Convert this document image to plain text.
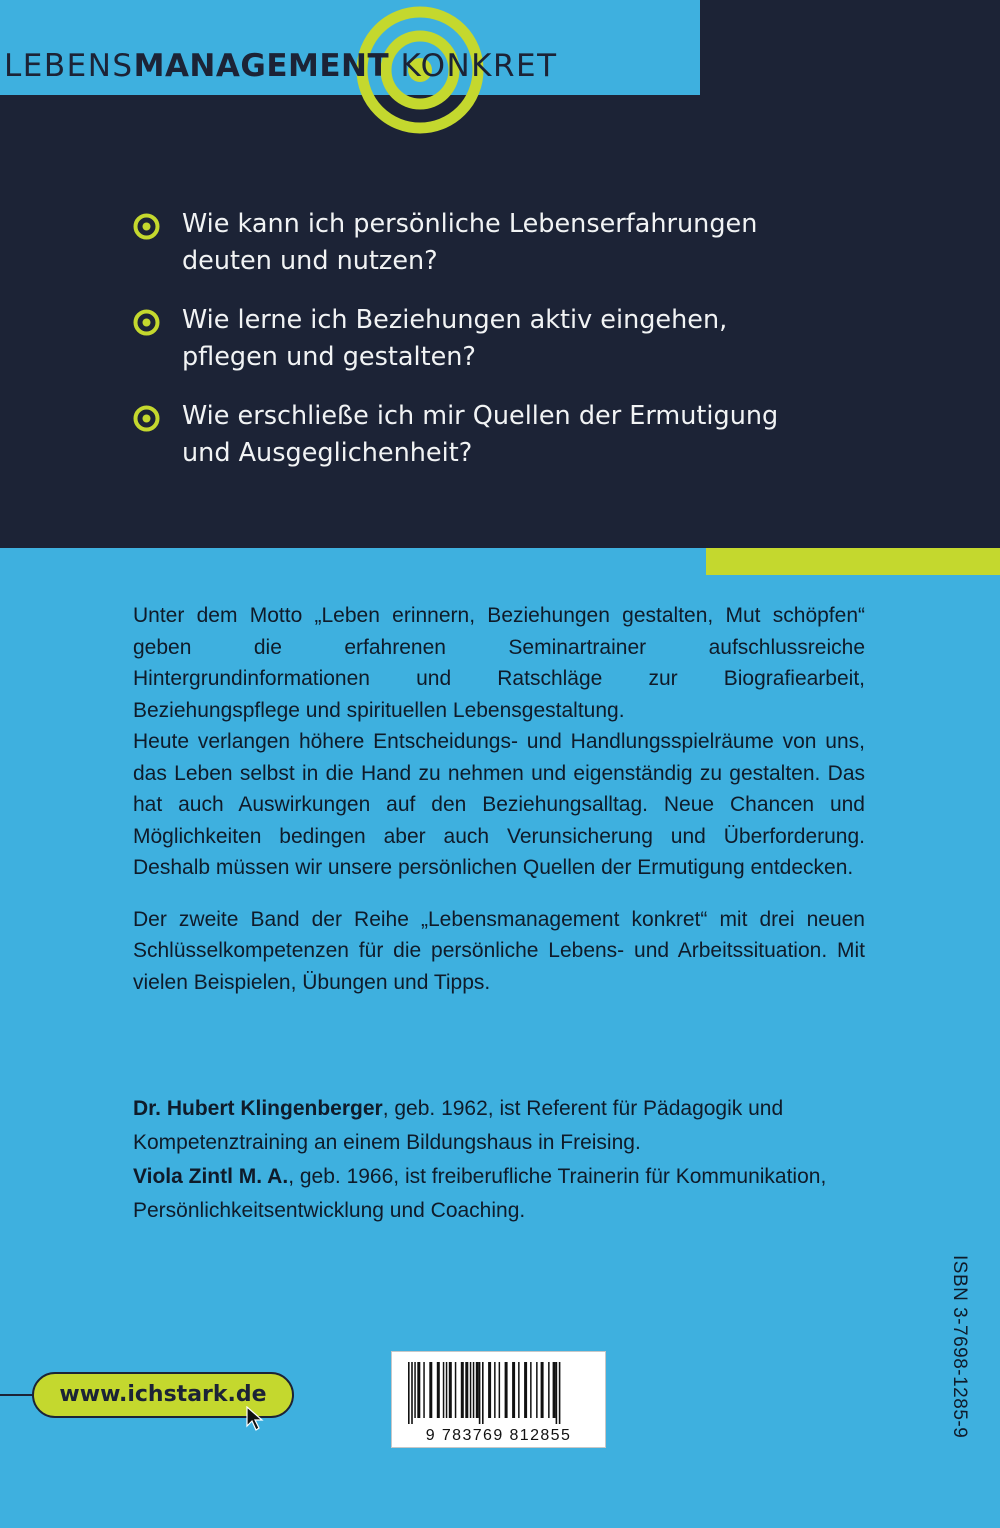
LEBENSMANAGEMENT KONKRET
Wie kann ich persönliche Lebenserfahrungen
deuten und nutzen?
Wie lerne ich Beziehungen aktiv eingehen,
pflegen und gestalten?
Wie erschließe ich mir Quellen der Ermutigung
und Ausgeglichenheit?

Unter dem Motto „Leben erinnern, Beziehungen gestalten, Mut schöpfen“ geben die erfahrenen Seminartrainer aufschlussreiche Hintergrundinformationen und Ratschläge zur Biografiearbeit, Beziehungspflege und spirituellen Lebensgestaltung.

Heute verlangen höhere Entscheidungs- und Handlungsspielräume von uns, das Leben selbst in die Hand zu nehmen und eigenständig zu gestalten. Das hat auch Auswirkungen auf den Beziehungsalltag. Neue Chancen und Möglichkeiten bedingen aber auch Verunsicherung und Überforderung. Deshalb müssen wir unsere persönlichen Quellen der Ermutigung entdecken.

Der zweite Band der Reihe „Lebensmanagement konkret“ mit drei neuen Schlüsselkompetenzen für die persönliche Lebens- und Arbeitssituation. Mit vielen Beispielen, Übungen und Tipps.

Dr. Hubert Klingenberger, geb. 1962, ist Referent für Pädagogik und Kompetenztraining an einem Bildungshaus in Freising.

Viola Zintl M. A., geb. 1966, ist freiberufliche Trainerin für Kommunikation, Persönlichkeitsentwicklung und Coaching.

ISBN 3-7698-1285-9
9 783769 812855
www.ichstark.de
